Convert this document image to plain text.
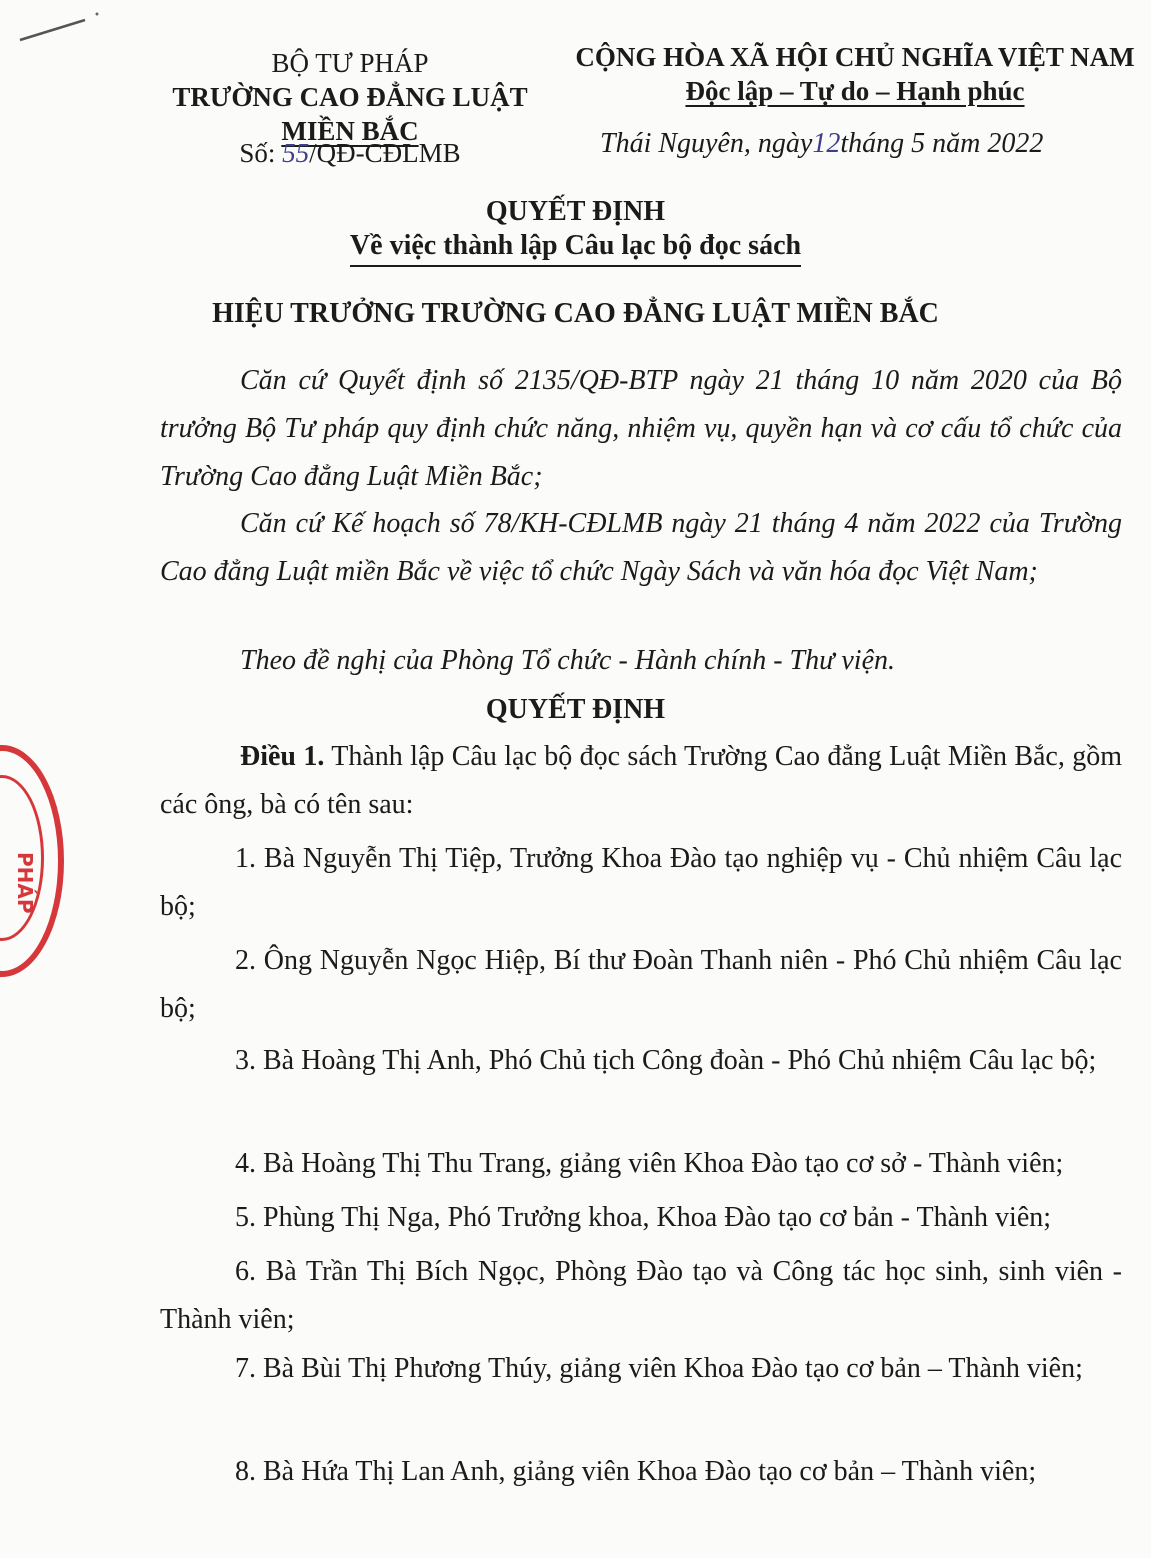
BỘ TƯ PHÁP
TRƯỜNG CAO ĐẲNG LUẬT
MIỀN BẮC
Số: 55/QĐ-CĐLMB
CỘNG HÒA XÃ HỘI CHỦ NGHĨA VIỆT NAM
Độc lập – Tự do – Hạnh phúc
Thái Nguyên, ngày12tháng 5 năm 2022
QUYẾT ĐỊNH
Về việc thành lập Câu lạc bộ đọc sách
HIỆU TRƯỞNG TRƯỜNG CAO ĐẲNG LUẬT MIỀN BẮC
Căn cứ Quyết định số 2135/QĐ-BTP ngày 21 tháng 10 năm 2020 của Bộ trưởng Bộ Tư pháp quy định chức năng, nhiệm vụ, quyền hạn và cơ cấu tổ chức của Trường Cao đẳng Luật Miền Bắc;
Căn cứ Kế hoạch số 78/KH-CĐLMB ngày 21 tháng 4 năm 2022 của Trường Cao đẳng Luật miền Bắc về việc tổ chức Ngày Sách và văn hóa đọc Việt Nam;
Theo đề nghị của Phòng Tổ chức - Hành chính - Thư viện.
QUYẾT ĐỊNH
Điều 1. Thành lập Câu lạc bộ đọc sách Trường Cao đẳng Luật Miền Bắc, gồm các ông, bà có tên sau:
1. Bà Nguyễn Thị Tiệp, Trưởng Khoa Đào tạo nghiệp vụ - Chủ nhiệm Câu lạc bộ;
2. Ông Nguyễn Ngọc Hiệp, Bí thư Đoàn Thanh niên - Phó Chủ nhiệm Câu lạc bộ;
3. Bà Hoàng Thị Anh, Phó Chủ tịch Công đoàn - Phó Chủ nhiệm Câu lạc bộ;
4. Bà Hoàng Thị Thu Trang, giảng viên Khoa Đào tạo cơ sở - Thành viên;
5. Phùng Thị Nga, Phó Trưởng khoa, Khoa Đào tạo cơ bản - Thành viên;
6. Bà Trần Thị Bích Ngọc, Phòng Đào tạo và Công tác học sinh, sinh viên - Thành viên;
7. Bà Bùi Thị Phương Thúy, giảng viên Khoa Đào tạo cơ bản – Thành viên;
8. Bà Hứa Thị Lan Anh, giảng viên Khoa Đào tạo cơ bản – Thành viên;
PHÁP
